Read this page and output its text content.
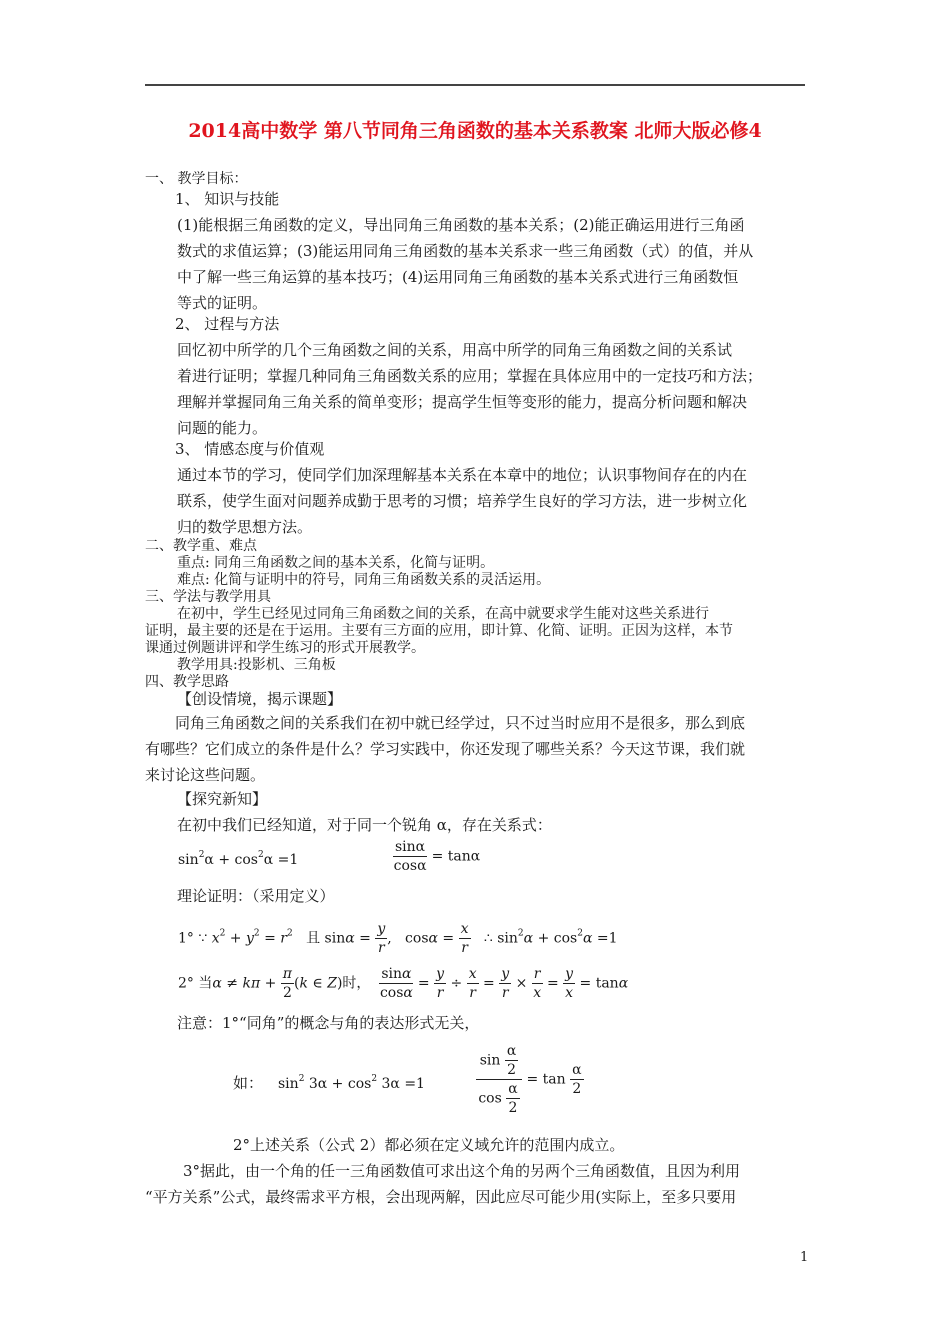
2014高中数学 第八节同角三角函数的基本关系教案 北师大版必修4
一、 教学目标：
1、 知识与技能
(1)能根据三角函数的定义，导出同角三角函数的基本关系；(2)能正确运用进行三角函
数式的求值运算；(3)能运用同角三角函数的基本关系求一些三角函数（式）的值，并从
中了解一些三角运算的基本技巧；(4)运用同角三角函数的基本关系式进行三角函数恒
等式的证明。
2、 过程与方法
回忆初中所学的几个三角函数之间的关系，用高中所学的同角三角函数之间的关系试
着进行证明；掌握几种同角三角函数关系的应用；掌握在具体应用中的一定技巧和方法；
理解并掌握同角三角关系的简单变形；提高学生恒等变形的能力，提高分析问题和解决
问题的能力。
3、 情感态度与价值观
通过本节的学习，使同学们加深理解基本关系在本章中的地位；认识事物间存在的内在
联系，使学生面对问题养成勤于思考的习惯；培养学生良好的学习方法，进一步树立化
归的数学思想方法。
二、教学重、难点
重点: 同角三角函数之间的基本关系，化简与证明。
难点: 化简与证明中的符号，同角三角函数关系的灵活运用。
三、学法与教学用具
在初中，学生已经见过同角三角函数之间的关系，在高中就要求学生能对这些关系进行
证明，最主要的还是在于运用。主要有三方面的应用，即计算、化简、证明。正因为这样，本节
课通过例题讲评和学生练习的形式开展教学。
教学用具:投影机、三角板
四、教学思路
【创设情境，揭示课题】
同角三角函数之间的关系我们在初中就已经学过，只不过当时应用不是很多，那么到底
有哪些？它们成立的条件是什么？学习实践中，你还发现了哪些关系？今天这节课，我们就
来讨论这些问题。
【探究新知】
在初中我们已经知道，对于同一个锐角 α，存在关系式：
$\sin^2\alpha + \cos^2\alpha =1$	$\frac{\sin\alpha}{\cos\alpha} = \tan\alpha$
理论证明：（采用定义）
1° ∵ $x^2 + y^2 = r^2$   且 $\sin\alpha = \frac{y}{r}$ ,   $\cos\alpha = \frac{x}{r}$ ∴ $\sin^2\alpha + \cos^2\alpha =1$
2° 当$\alpha \ne k\pi + \frac{\pi}{2} (k$ ∈ Z)时， $\frac{\sin\alpha}{\cos\alpha} = \frac{y}{r} \div \frac{x}{r} = \frac{y}{r} \times \frac{r}{x} = \frac{y}{x} = \tan\alpha$
注意：1°“同角”的概念与角的表达形式无关，
如： $\sin^2 3\alpha + \cos^2 3\alpha =1$	$\frac{\sin \frac{\alpha}{2}}{\cos \frac{\alpha}{2}} = \tan \frac{\alpha}{2}$
2°上述关系（公式 2）都必须在定义域允许的范围内成立。
3°据此，由一个角的任一三角函数值可求出这个角的另两个三角函数值，且因为利用
“平方关系”公式，最终需求平方根，会出现两解，因此应尽可能少用(实际上，至多只要用
1
